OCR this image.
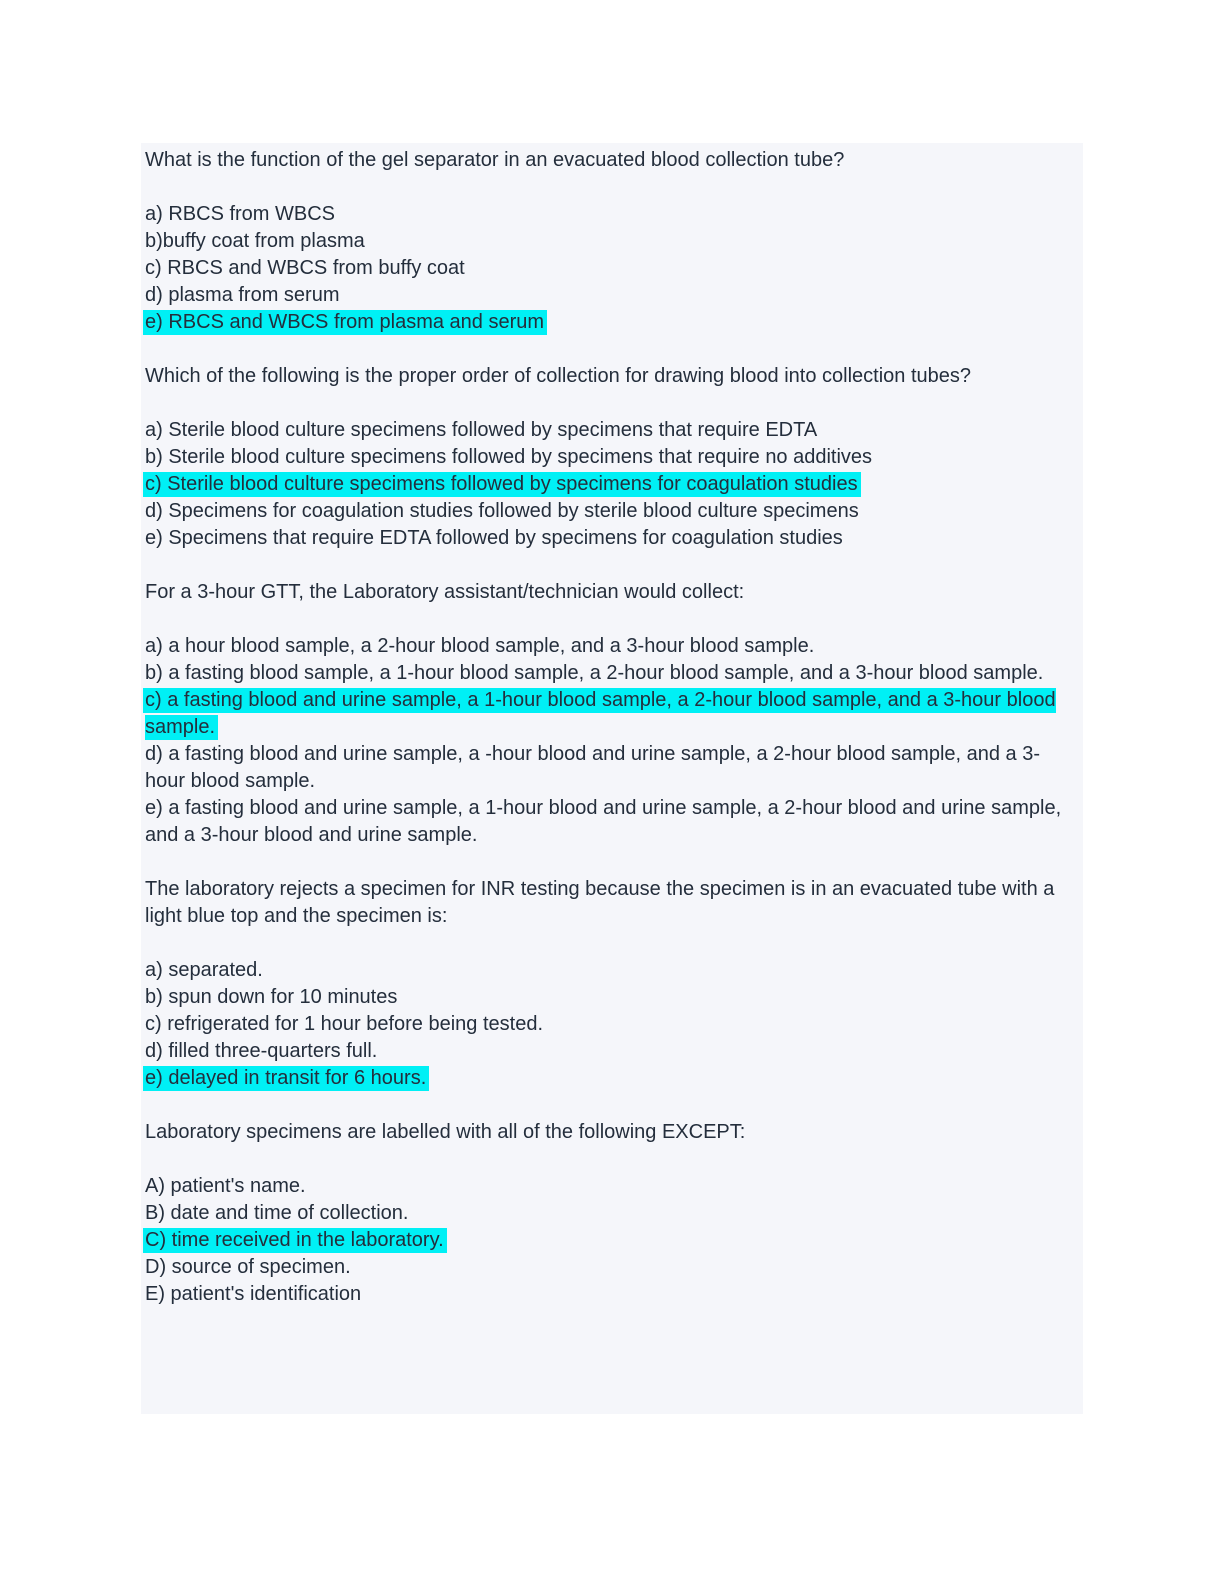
What is the function of the gel separator in an evacuated blood collection tube?

a) RBCS from WBCS
b)buffy coat from plasma
c) RBCS and WBCS from buffy coat
d) plasma from serum
e) RBCS and WBCS from plasma and serum

Which of the following is the proper order of collection for drawing blood into collection tubes?

a) Sterile blood culture specimens followed by specimens that require EDTA
b) Sterile blood culture specimens followed by specimens that require no additives
c) Sterile blood culture specimens followed by specimens for coagulation studies
d) Specimens for coagulation studies followed by sterile blood culture specimens
e) Specimens that require EDTA followed by specimens for coagulation studies

For a 3-hour GTT, the Laboratory assistant/technician would collect:

a) a hour blood sample, a 2-hour blood sample, and a 3-hour blood sample.
b) a fasting blood sample, a 1-hour blood sample, a 2-hour blood sample, and a 3-hour blood sample.
c) a fasting blood and urine sample, a 1-hour blood sample, a 2-hour blood sample, and a 3-hour blood sample.
d) a fasting blood and urine sample, a -hour blood and urine sample, a 2-hour blood sample, and a 3-hour blood sample.
e) a fasting blood and urine sample, a 1-hour blood and urine sample, a 2-hour blood and urine sample, and a 3-hour blood and urine sample.

The laboratory rejects a specimen for INR testing because the specimen is in an evacuated tube with a light blue top and the specimen is:

a) separated.
b) spun down for 10 minutes
c) refrigerated for 1 hour before being tested.
d) filled three-quarters full.
e) delayed in transit for 6 hours.

Laboratory specimens are labelled with all of the following EXCEPT:

A) patient's name.
B) date and time of collection.
C) time received in the laboratory.
D) source of specimen.
E) patient's identification
